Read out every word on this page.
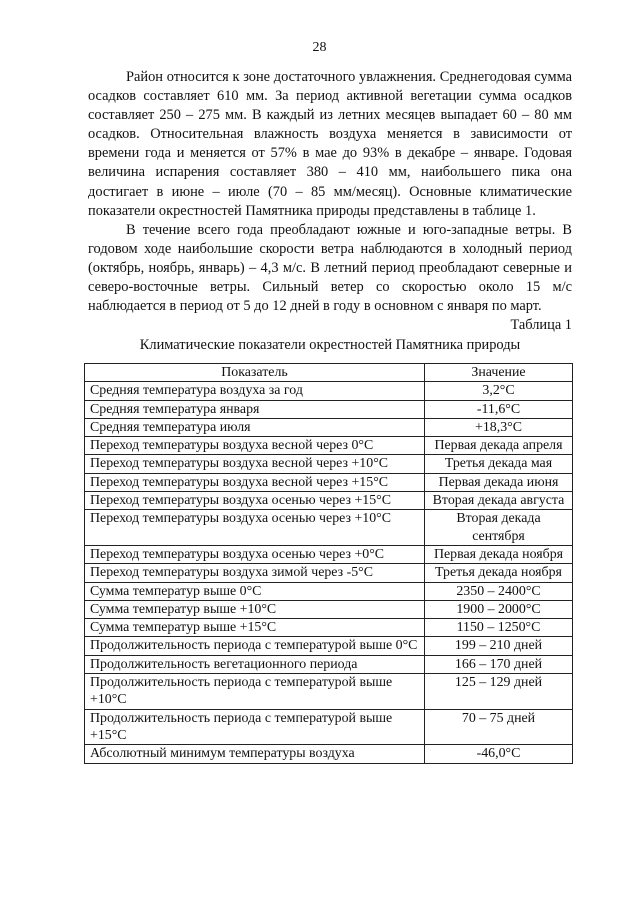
28

Район относится к зоне достаточного увлажнения. Среднегодовая сумма осадков составляет 610 мм. За период активной вегетации сумма осадков составляет 250 – 275 мм. В каждый из летних месяцев выпадает 60 – 80 мм осадков. Относительная влажность воздуха меняется в зависимости от времени года и меняется от 57% в мае до 93% в декабре – январе. Годовая величина испарения составляет 380 – 410 мм, наибольшего пика она достигает в июне – июле (70 – 85 мм/месяц). Основные климатические показатели окрестностей Памятника природы представлены в таблице 1.

В течение всего года преобладают южные и юго-западные ветры. В годовом ходе наибольшие скорости ветра наблюдаются в холодный период (октябрь, ноябрь, январь) – 4,3 м/с. В летний период преобладают северные и северо-восточные ветры. Сильный ветер со скоростью около 15 м/с наблюдается в период от 5 до 12 дней в году в основном с января по март.

Таблица 1
Климатические показатели окрестностей Памятника природы
Показатель	Значение
Средняя температура воздуха за год	3,2°C
Средняя температура января	-11,6°C
Средняя температура июля	+18,3°C
Переход температуры воздуха весной через 0°C	Первая декада апреля
Переход температуры воздуха весной через +10°C	Третья декада мая
Переход температуры воздуха весной через +15°C	Первая декада июня
Переход температуры воздуха осенью через +15°C	Вторая декада августа
Переход температуры воздуха осенью через +10°C	Вторая декада сентября
Переход температуры воздуха осенью через +0°C	Первая декада ноября
Переход температуры воздуха зимой через -5°C	Третья декада ноября
Сумма температур выше 0°C	2350 – 2400°C
Сумма температур выше +10°C	1900 – 2000°C
Сумма температур выше +15°C	1150 – 1250°C
Продолжительность периода с температурой выше 0°C	199 – 210 дней
Продолжительность вегетационного периода	166 – 170 дней
Продолжительность периода с температурой выше +10°C	125 – 129 дней
Продолжительность периода с температурой выше +15°C	70 – 75 дней
Абсолютный минимум температуры воздуха	-46,0°C
